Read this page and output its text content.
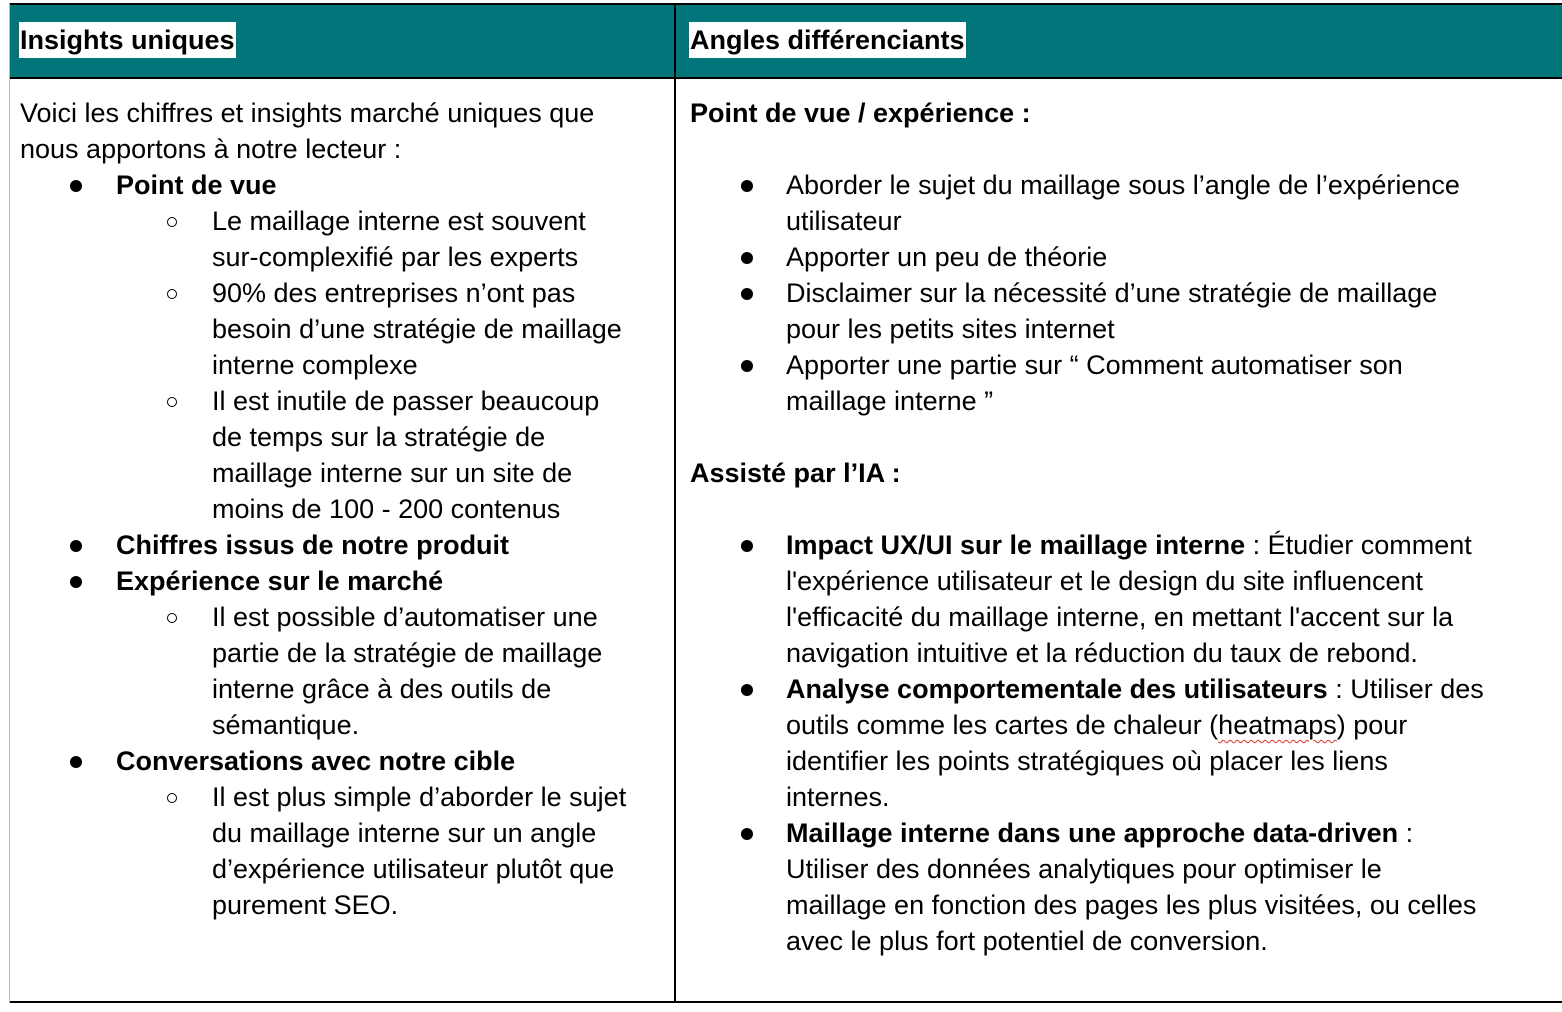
Insights uniques	Angles différenciants
Voici les chiffres et insights marché uniques que
nous apportons à notre lecteur :
Point de vue
Le maillage interne est souvent
sur-complexifié par les experts
90% des entreprises n’ont pas
besoin d’une stratégie de maillage
interne complexe
Il est inutile de passer beaucoup
de temps sur la stratégie de
maillage interne sur un site de
moins de 100 - 200 contenus
Chiffres issus de notre produit
Expérience sur le marché
Il est possible d’automatiser une
partie de la stratégie de maillage
interne grâce à des outils de
sémantique.
Conversations avec notre cible
Il est plus simple d’aborder le sujet
du maillage interne sur un angle
d’expérience utilisateur plutôt que
purement SEO.
Point de vue / expérience :
Aborder le sujet du maillage sous l’angle de l’expérience
utilisateur
Apporter un peu de théorie
Disclaimer sur la nécessité d’une stratégie de maillage
pour les petits sites internet
Apporter une partie sur “ Comment automatiser son
maillage interne ”
Assisté par l’IA :
Impact UX/UI sur le maillage interne : Étudier comment
l'expérience utilisateur et le design du site influencent
l'efficacité du maillage interne, en mettant l'accent sur la
navigation intuitive et la réduction du taux de rebond.
Analyse comportementale des utilisateurs : Utiliser des
outils comme les cartes de chaleur (heatmaps) pour
identifier les points stratégiques où placer les liens
internes.
Maillage interne dans une approche data-driven :
Utiliser des données analytiques pour optimiser le
maillage en fonction des pages les plus visitées, ou celles
avec le plus fort potentiel de conversion.
